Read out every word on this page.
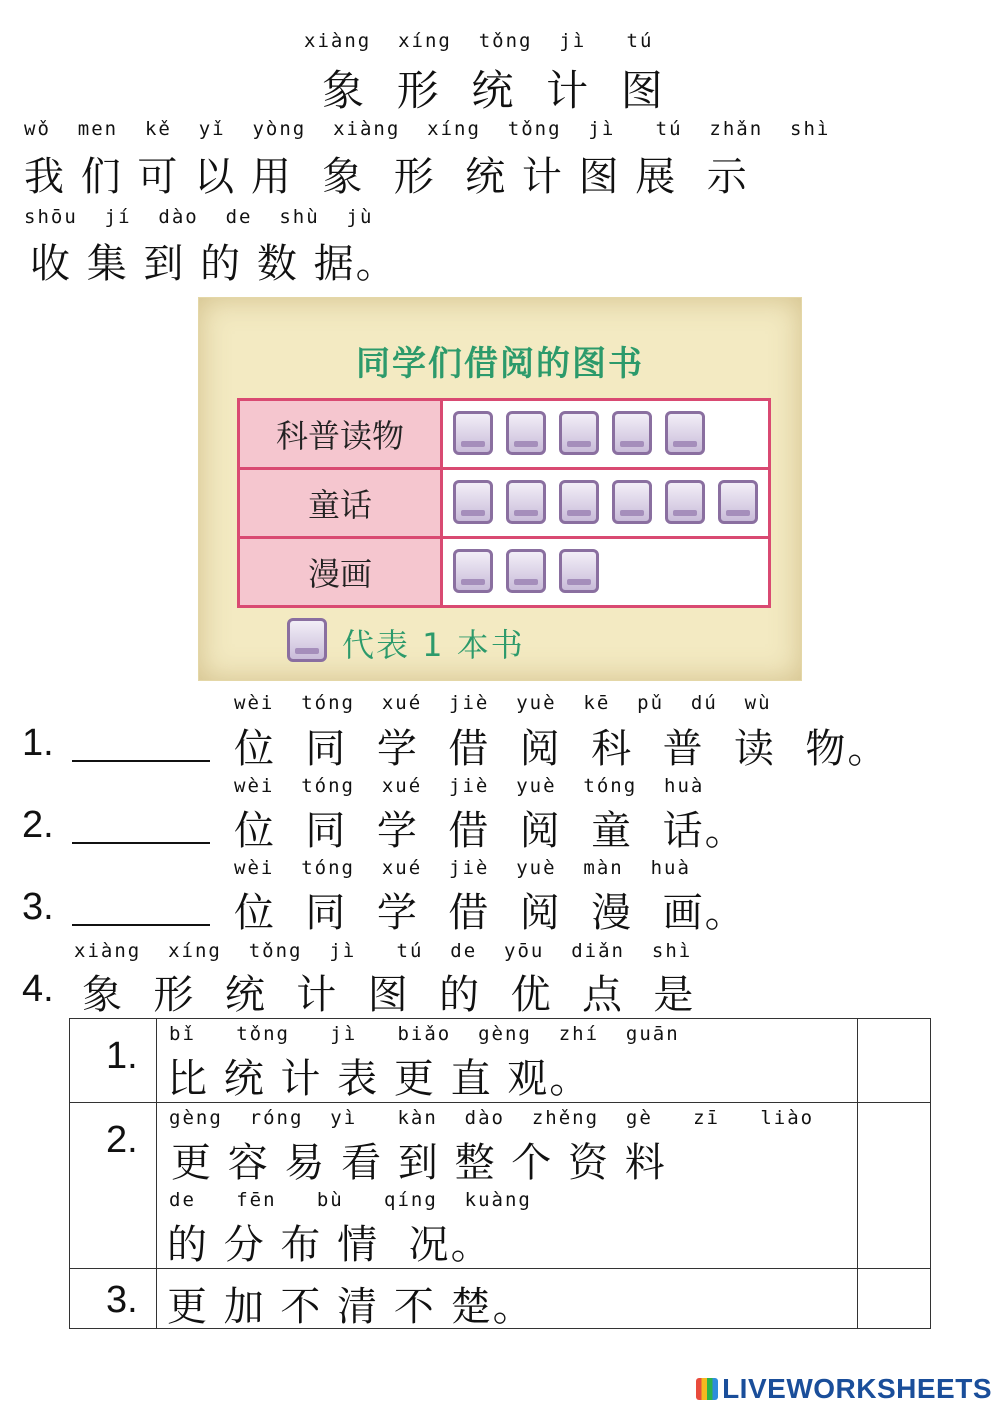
xiàng  xíng  tǒng  jì   tú
象  形  统  计  图
wǒ  men  kě  yǐ  yòng  xiàng  xíng  tǒng  jì   tú  zhǎn  shì
我 们 可 以 用  象  形  统 计 图 展  示
shōu  jí  dào  de  shù  jù
收 集 到 的 数 据。
同学们借阅的图书
科普读物
童话
漫画
代表 1 本书
wèi  tóng  xué  jiè  yuè  kē  pǔ  dú  wù
1.	位  同  学  借  阅  科  普  读  物。
wèi  tóng  xué  jiè  yuè  tóng  huà
2.	位  同  学  借  阅  童  话。
wèi  tóng  xué  jiè  yuè  màn  huà
3.	位  同  学  借  阅  漫  画。
xiàng  xíng  tǒng  jì   tú  de  yōu  diǎn  shì
4. 象  形  统  计  图  的  优  点  是
1.	bǐ   tǒng   jì   biǎo  gèng  zhí  guān
比 统 计 表 更 直 观。	

2.	gèng  róng  yì   kàn  dào  zhěng  gè   zī   liào
更 容 易 看 到 整 个 资 料
de   fēn   bù   qíng  kuàng
的 分 布 情  况。	

3.	更 加 不 清 不 楚。	

LIVEWORKSHEETS
